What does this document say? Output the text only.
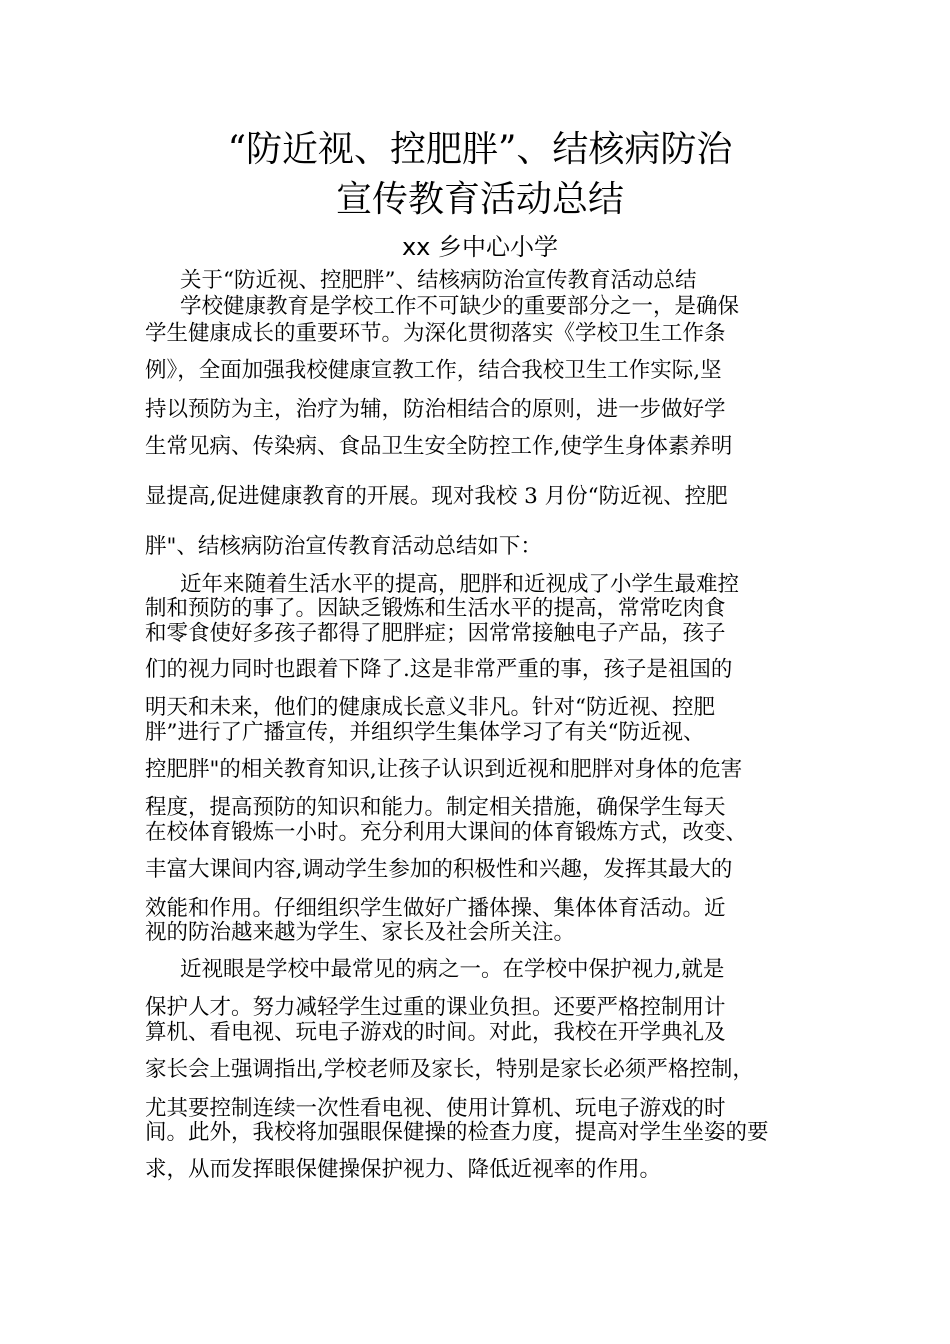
“防近视、控肥胖”、结核病防治
宣传教育活动总结
xx 乡中心小学
关于“防近视、控肥胖”、结核病防治宣传教育活动总结
学校健康教育是学校工作不可缺少的重要部分之一，是确保
学生健康成长的重要环节。为深化贯彻落实《学校卫生工作条
例》，全面加强我校健康宣教工作，结合我校卫生工作实际,坚
持以预防为主，治疗为辅，防治相结合的原则，进一步做好学
生常见病、传染病、食品卫生安全防控工作,使学生身体素养明
显提高,促进健康教育的开展。现对我校 3 月份“防近视、控肥
胖"、结核病防治宣传教育活动总结如下：
近年来随着生活水平的提高，肥胖和近视成了小学生最难控
制和预防的事了。因缺乏锻炼和生活水平的提高，常常吃肉食
和零食使好多孩子都得了肥胖症；因常常接触电子产品，孩子
们的视力同时也跟着下降了.这是非常严重的事，孩子是祖国的
明天和未来，他们的健康成长意义非凡。针对“防近视、控肥
胖”进行了广播宣传，并组织学生集体学习了有关“防近视、
控肥胖"的相关教育知识,让孩子认识到近视和肥胖对身体的危害
程度，提高预防的知识和能力。制定相关措施，确保学生每天
在校体育锻炼一小时。充分利用大课间的体育锻炼方式，改变、
丰富大课间内容,调动学生参加的积极性和兴趣，发挥其最大的
效能和作用。仔细组织学生做好广播体操、集体体育活动。近
视的防治越来越为学生、家长及社会所关注。
近视眼是学校中最常见的病之一。在学校中保护视力,就是
保护人才。努力减轻学生过重的课业负担。还要严格控制用计
算机、看电视、玩电子游戏的时间。对此，我校在开学典礼及
家长会上强调指出,学校老师及家长，特别是家长必须严格控制，
尤其要控制连续一次性看电视、使用计算机、玩电子游戏的时
间。此外，我校将加强眼保健操的检查力度，提高对学生坐姿的要
求，从而发挥眼保健操保护视力、降低近视率的作用。
